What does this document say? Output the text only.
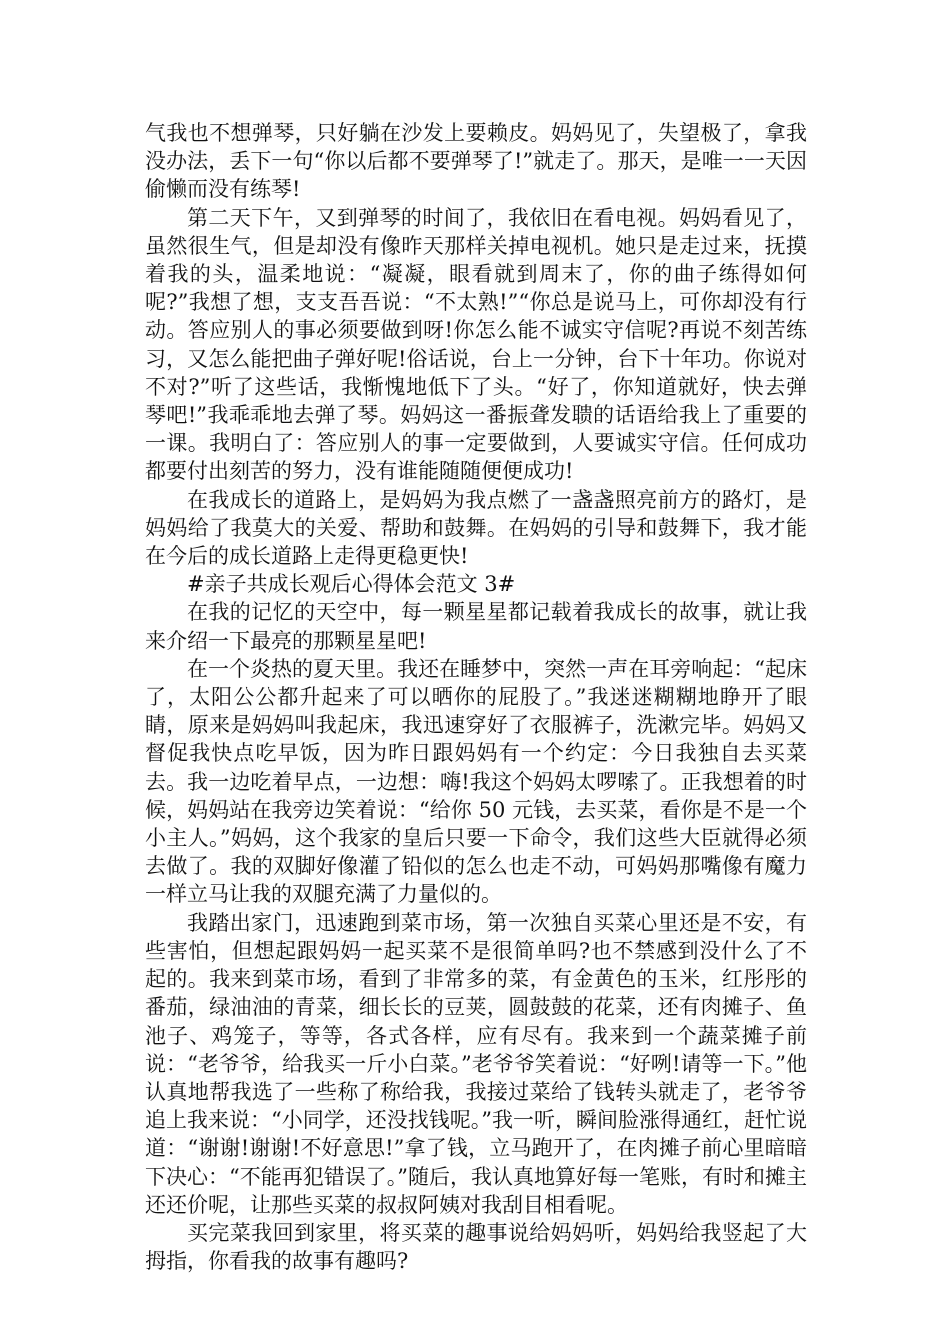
气我也不想弹琴，只好躺在沙发上要赖皮。妈妈见了，失望极了，拿我没办法，丢下一句“你以后都不要弹琴了!”就走了。那天，是唯一一天因偷懒而没有练琴!

第二天下午，又到弹琴的时间了，我依旧在看电视。妈妈看见了，虽然很生气，但是却没有像昨天那样关掉电视机。她只是走过来，抚摸着我的头，温柔地说：“凝凝，眼看就到周末了，你的曲子练得如何呢?”我想了想，支支吾吾说：“不太熟!”“你总是说马上，可你却没有行动。答应别人的事必须要做到呀!你怎么能不诚实守信呢?再说不刻苦练习，又怎么能把曲子弹好呢!俗话说，台上一分钟，台下十年功。你说对不对?”听了这些话，我惭愧地低下了头。“好了，你知道就好，快去弹琴吧!”我乖乖地去弹了琴。妈妈这一番振聋发聩的话语给我上了重要的一课。我明白了：答应别人的事一定要做到，人要诚实守信。任何成功都要付出刻苦的努力，没有谁能随随便便成功!

在我成长的道路上，是妈妈为我点燃了一盏盏照亮前方的路灯，是妈妈给了我莫大的关爱、帮助和鼓舞。在妈妈的引导和鼓舞下，我才能在今后的成长道路上走得更稳更快!

#亲子共成长观后心得体会范文 3#

在我的记忆的天空中，每一颗星星都记载着我成长的故事，就让我来介绍一下最亮的那颗星星吧!

在一个炎热的夏天里。我还在睡梦中，突然一声在耳旁响起：“起床了，太阳公公都升起来了可以晒你的屁股了。”我迷迷糊糊地睁开了眼睛，原来是妈妈叫我起床，我迅速穿好了衣服裤子，洗漱完毕。妈妈又督促我快点吃早饭，因为昨日跟妈妈有一个约定：今日我独自去买菜去。我一边吃着早点，一边想：嗨!我这个妈妈太啰嗦了。正我想着的时候，妈妈站在我旁边笑着说：“给你 50 元钱，去买菜，看你是不是一个小主人。”妈妈，这个我家的皇后只要一下命令，我们这些大臣就得必须去做了。我的双脚好像灌了铅似的怎么也走不动，可妈妈那嘴像有魔力一样立马让我的双腿充满了力量似的。

我踏出家门，迅速跑到菜市场，第一次独自买菜心里还是不安，有些害怕，但想起跟妈妈一起买菜不是很简单吗?也不禁感到没什么了不起的。我来到菜市场，看到了非常多的菜，有金黄色的玉米，红彤彤的番茄，绿油油的青菜，细长长的豆荚，圆鼓鼓的花菜，还有肉摊子、鱼池子、鸡笼子，等等，各式各样，应有尽有。我来到一个蔬菜摊子前说：“老爷爷，给我买一斤小白菜。”老爷爷笑着说：“好咧!请等一下。”他认真地帮我选了一些称了称给我，我接过菜给了钱转头就走了，老爷爷追上我来说：“小同学，还没找钱呢。”我一听，瞬间脸涨得通红，赶忙说道：“谢谢!谢谢!不好意思!”拿了钱，立马跑开了，在肉摊子前心里暗暗下决心：“不能再犯错误了。”随后，我认真地算好每一笔账，有时和摊主还还价呢，让那些买菜的叔叔阿姨对我刮目相看呢。

买完菜我回到家里，将买菜的趣事说给妈妈听，妈妈给我竖起了大拇指，你看我的故事有趣吗?
